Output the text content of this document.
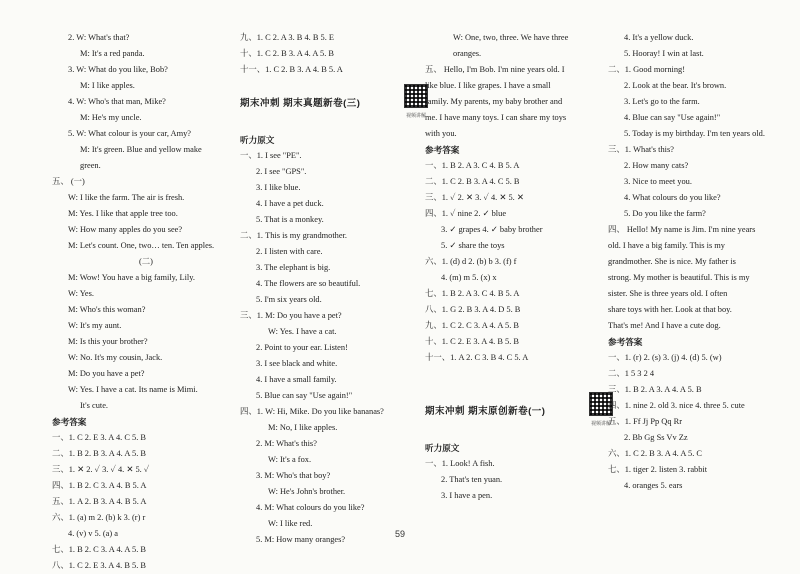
2. W: What's that?
M: It's a red panda.
3. W: What do you like, Bob?
M: I like apples.
4. W: Who's that man, Mike?
M: He's my uncle.
5. W: What colour is your car, Amy?
M: It's green. Blue and yellow make
green.
五、 (一)
W: I like the farm. The air is fresh.
M: Yes. I like that apple tree too.
W: How many apples do you see?
M: Let's count. One, two… ten. Ten apples.
(二)
M: Wow! You have a big family, Lily.
W: Yes.
M: Who's this woman?
W: It's my aunt.
M: Is this your brother?
W: No. It's my cousin, Jack.
M: Do you have a pet?
W: Yes. I have a cat. Its name is Mimi.
It's cute.
参考答案
一、1. C 2. E 3. A 4. C 5. B
二、1. B 2. B 3. A 4. A 5. B
三、1. ✕ 2. ✓ 3. ✓ 4. ✕ 5. ✓
四、1. B 2. C 3. A 4. B 5. A
五、1. A 2. B 3. A 4. B 5. A
六、1. (a) m 2. (b) k 3. (r) r
4. (v) v 5. (a) a
七、1. B 2. C 3. A 4. A 5. B
八、1. C 2. E 3. A 4. B 5. B
九、1. C 2. A 3. B 4. B 5. E
十、1. C 2. B 3. A 4. A 5. B
十一、1. C 2. B 3. A 4. B 5. A
期末冲刺 期末真题新卷(三)
视频讲解
听力原文
一、1. I see "PE".
2. I see "GPS".
3. I like blue.
4. I have a pet duck.
5. That is a monkey.
二、1. This is my grandmother.
2. I listen with care.
3. The elephant is big.
4. The flowers are so beautiful.
5. I'm six years old.
三、1. M: Do you have a pet?
W: Yes. I have a cat.
2. Point to your ear. Listen!
3. I see black and white.
4. I have a small family.
5. Blue can say "Use again!"
四、1. W: Hi, Mike. Do you like bananas?
M: No, I like apples.
2. M: What's this?
W: It's a fox.
3. M: Who's that boy?
W: He's John's brother.
4. M: What colours do you like?
W: I like red.
5. M: How many oranges?
W: One, two, three. We have three
oranges.
五、 Hello, I'm Bob. I'm nine years old. I
like blue. I like grapes. I have a small
family. My parents, my baby brother and
me. I have many toys. I can share my toys
with you.
参考答案
一、1. B 2. A 3. C 4. B 5. A
二、1. C 2. B 3. A 4. C 5. B
三、1. ✓ 2. ✕ 3. ✓ 4. ✕ 5. ✕
四、1. ✓ nine 2. ✓ blue
3. ✓ grapes 4. ✓ baby brother
5. ✓ share the toys
六、1. (d) d 2. (b) b 3. (f) f
4. (m) m 5. (x) x
七、1. B 2. A 3. C 4. B 5. A
八、1. G 2. B 3. A 4. D 5. B
九、1. C 2. C 3. A 4. A 5. B
十、1. C 2. E 3. A 4. B 5. B
十一、1. A 2. C 3. B 4. C 5. A
期末冲刺 期末原创新卷(一)
视频讲解
听力原文
一、1. Look! A fish.
2. That's ten yuan.
3. I have a pen.
4. It's a yellow duck.
5. Hooray! I win at last.
二、1. Good morning!
2. Look at the bear. It's brown.
3. Let's go to the farm.
4. Blue can say "Use again!"
5. Today is my birthday. I'm ten years old.
三、1. What's this?
2. How many cats?
3. Nice to meet you.
4. What colours do you like?
5. Do you like the farm?
四、 Hello! My name is Jim. I'm nine years
old. I have a big family. This is my
grandmother. She is nice. My father is
strong. My mother is beautiful. This is my
sister. She is three years old. I often
share toys with her. Look at that boy.
That's me! And I have a cute dog.
参考答案
一、1. (r) 2. (s) 3. (j) 4. (d) 5. (w)
二、1 5 3 2 4
三、1. B 2. A 3. A 4. A 5. B
四、1. nine 2. old 3. nice 4. three 5. cute
五、1. Ff Jj Pp Qq Rr
2. Bb Gg Ss Vv Zz
六、1. C 2. B 3. A 4. A 5. C
七、1. tiger 2. listen 3. rabbit
4. oranges 5. ears
59
